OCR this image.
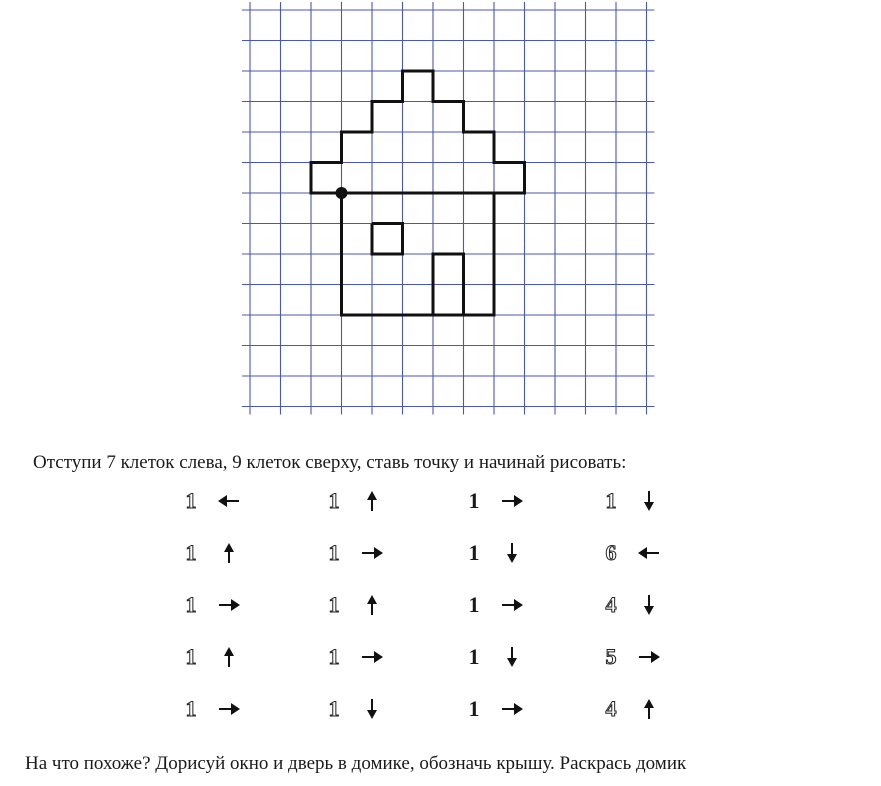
Отступи 7 клеток слева, 9 клеток сверху, ставь точку и начинай рисовать:
1
1
1
1
1
1
1
1
1
1
1
1
1
1
1
1
6
4
5
4
На что похоже? Дорисуй окно и дверь в домике, обозначь крышу. Раскрась домик
